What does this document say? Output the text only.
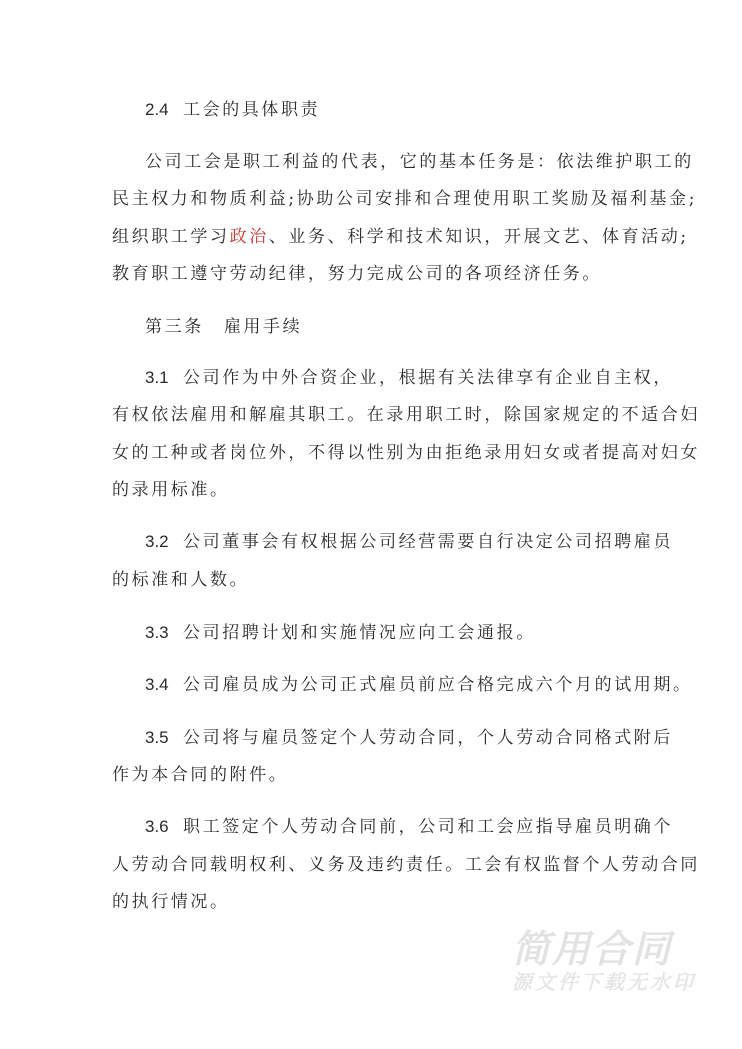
2.4 工会的具体职责
公司工会是职工利益的代表，它的基本任务是：依法维护职工的
民主权力和物质利益;协助公司安排和合理使用职工奖励及福利基金;
组织职工学习政治、业务、科学和技术知识，开展文艺、体育活动;
教育职工遵守劳动纪律，努力完成公司的各项经济任务。
第三条 雇用手续
3.1 公司作为中外合资企业，根据有关法律享有企业自主权，
有权依法雇用和解雇其职工。在录用职工时，除国家规定的不适合妇
女的工种或者岗位外，不得以性别为由拒绝录用妇女或者提高对妇女
的录用标准。
3.2 公司董事会有权根据公司经营需要自行决定公司招聘雇员
的标准和人数。
3.3 公司招聘计划和实施情况应向工会通报。
3.4 公司雇员成为公司正式雇员前应合格完成六个月的试用期。
3.5 公司将与雇员签定个人劳动合同，个人劳动合同格式附后
作为本合同的附件。
3.6 职工签定个人劳动合同前，公司和工会应指导雇员明确个
人劳动合同载明权利、义务及违约责任。工会有权监督个人劳动合同
的执行情况。
简用合同
源文件下载无水印
